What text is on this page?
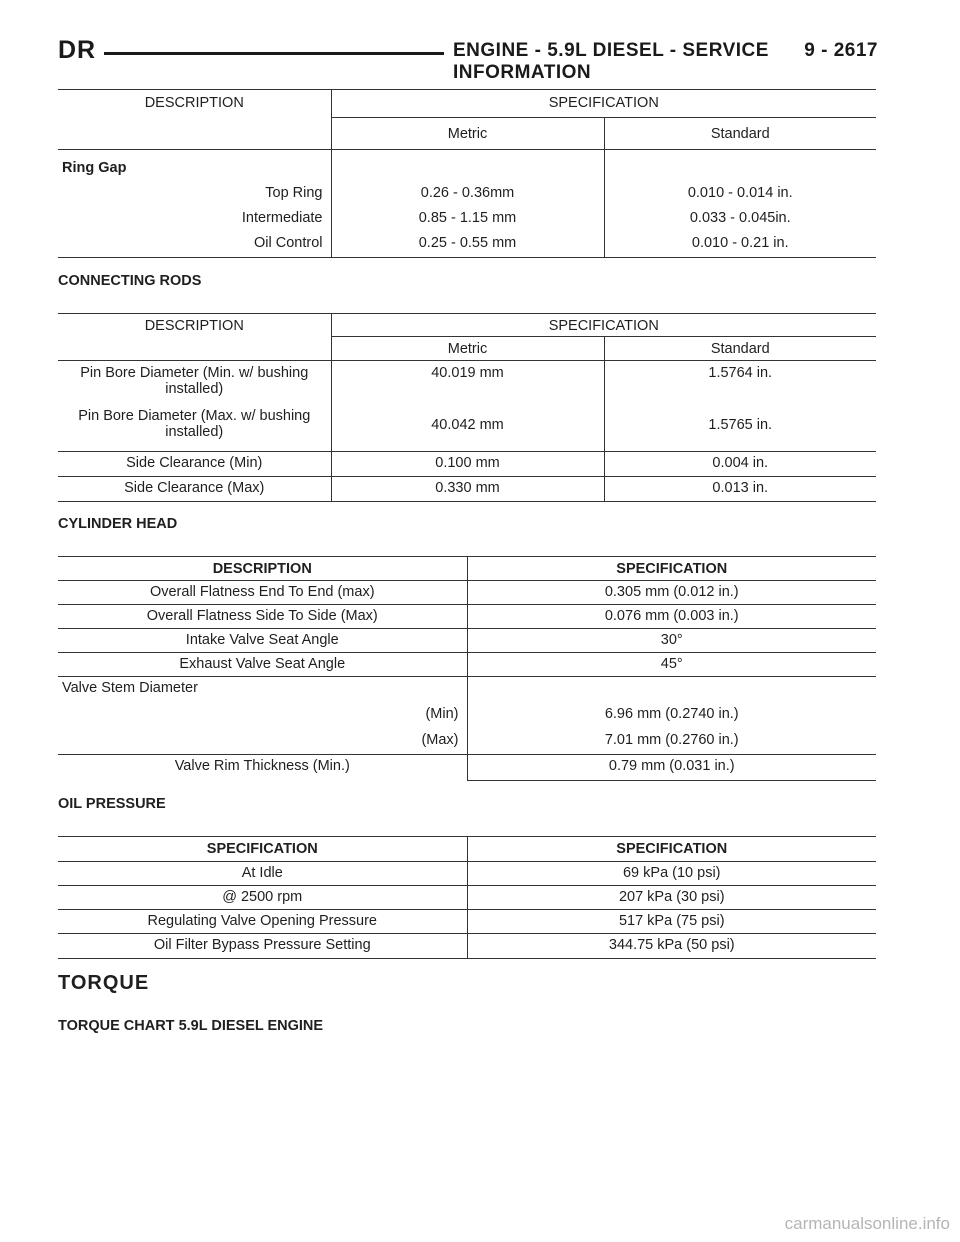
DR	ENGINE - 5.9L DIESEL - SERVICE INFORMATION
9 - 2617
DESCRIPTION	SPECIFICATION	
	Metric	Standard
Ring Gap		
Top Ring	0.26 - 0.36mm	0.010 - 0.014 in.
Intermediate	0.85 - 1.15 mm	0.033 - 0.045in.
Oil Control	0.25 - 0.55 mm	0.010 - 0.21 in.
CONNECTING RODS
DESCRIPTION	SPECIFICATION	
	Metric	Standard
Pin Bore Diameter (Min. w/ bushing installed)	40.019 mm	1.5764 in.
Pin Bore Diameter (Max. w/ bushing installed)	40.042 mm	1.5765 in.
Side Clearance (Min)	0.100 mm	0.004 in.
Side Clearance (Max)	0.330 mm	0.013 in.
CYLINDER HEAD
DESCRIPTION	SPECIFICATION
Overall Flatness End To End (max)	0.305 mm (0.012 in.)
Overall Flatness Side To Side (Max)	0.076 mm (0.003 in.)
Intake Valve Seat Angle	30°
Exhaust Valve Seat Angle	45°
Valve Stem Diameter	
(Min)	6.96 mm (0.2740 in.)
(Max)	7.01 mm (0.2760 in.)
Valve Rim Thickness (Min.)	0.79 mm (0.031 in.)
OIL PRESSURE
SPECIFICATION	SPECIFICATION
At Idle	69 kPa (10 psi)
@ 2500 rpm	207 kPa (30 psi)
Regulating Valve Opening Pressure	517 kPa (75 psi)
Oil Filter Bypass Pressure Setting	344.75 kPa (50 psi)
TORQUE
TORQUE CHART 5.9L DIESEL ENGINE
carmanualsonline.info
